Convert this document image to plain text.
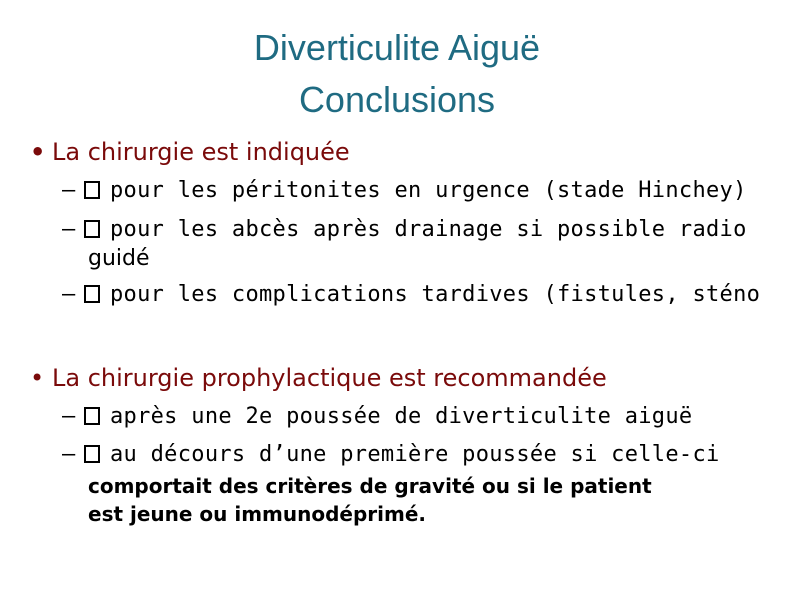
Diverticulite Aiguë
Conclusions
• La chirurgie est indiquée
– pour les péritonites en urgence (stade Hinchey)
– pour les abcès après drainage si possible radio
guidé
– pour les complications tardives (fistules, sténo
• La chirurgie prophylactique est recommandée
– après une 2e poussée de diverticulite aiguë
– au décours d’une première poussée si celle-ci
comportait des critères de gravité ou si le patient
est jeune ou immunodéprimé.
